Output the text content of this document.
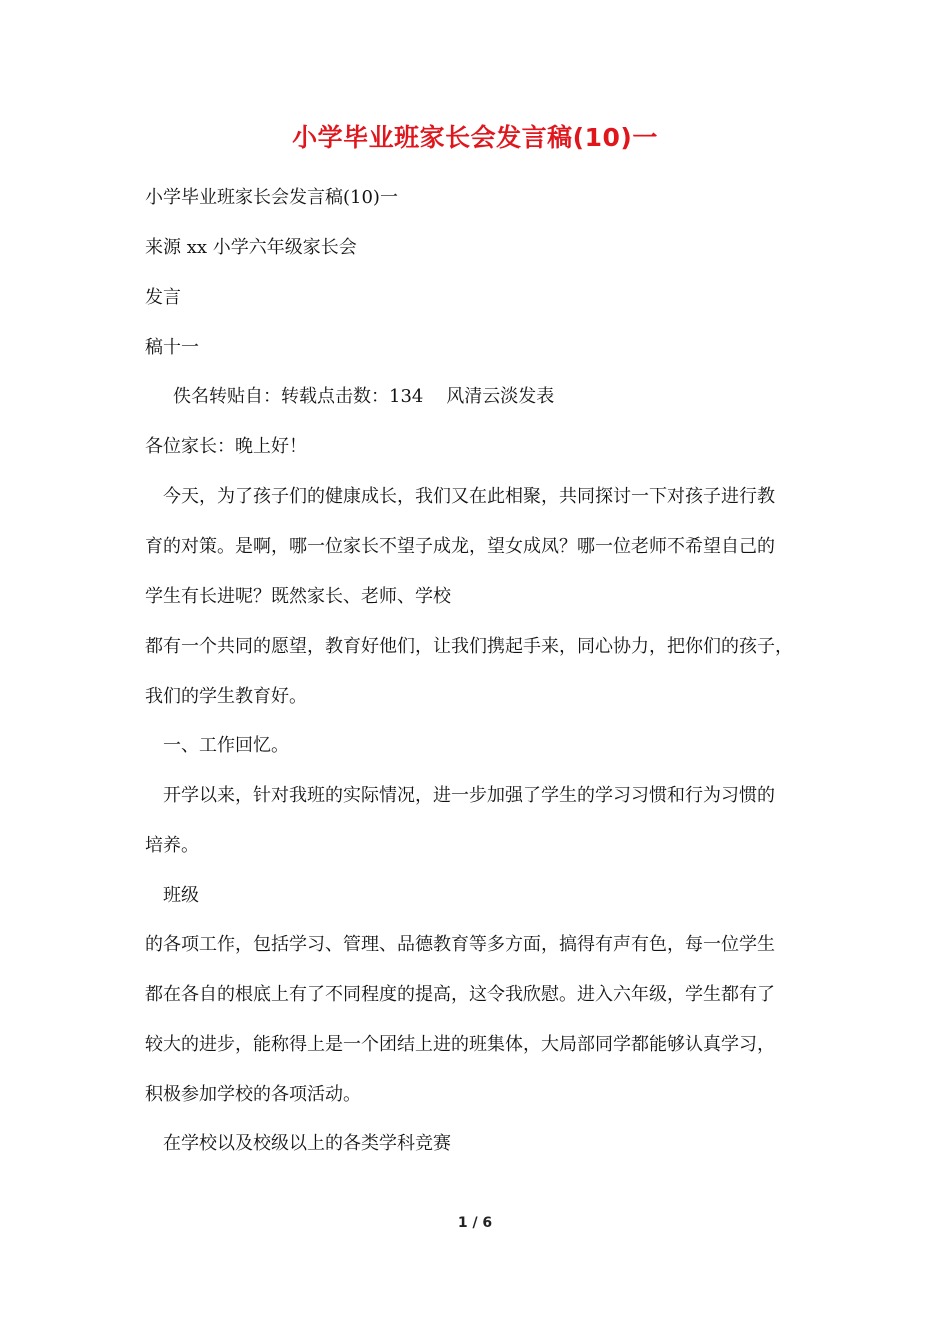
小学毕业班家长会发言稿(10)一
小学毕业班家长会发言稿(10)一
来源 xx 小学六年级家长会
发言
稿十一
佚名转贴自：转载点击数：134    风清云淡发表
各位家长：晚上好！
今天，为了孩子们的健康成长，我们又在此相聚，共同探讨一下对孩子进行教
育的对策。是啊，哪一位家长不望子成龙，望女成凤？哪一位老师不希望自己的
学生有长进呢？既然家长、老师、学校
都有一个共同的愿望，教育好他们，让我们携起手来，同心协力，把你们的孩子，
我们的学生教育好。
一、工作回忆。
开学以来，针对我班的实际情况，进一步加强了学生的学习习惯和行为习惯的
培养。
班级
的各项工作，包括学习、管理、品德教育等多方面，搞得有声有色，每一位学生
都在各自的根底上有了不同程度的提高，这令我欣慰。进入六年级，学生都有了
较大的进步，能称得上是一个团结上进的班集体，大局部同学都能够认真学习，
积极参加学校的各项活动。
在学校以及校级以上的各类学科竞赛
1 / 6
